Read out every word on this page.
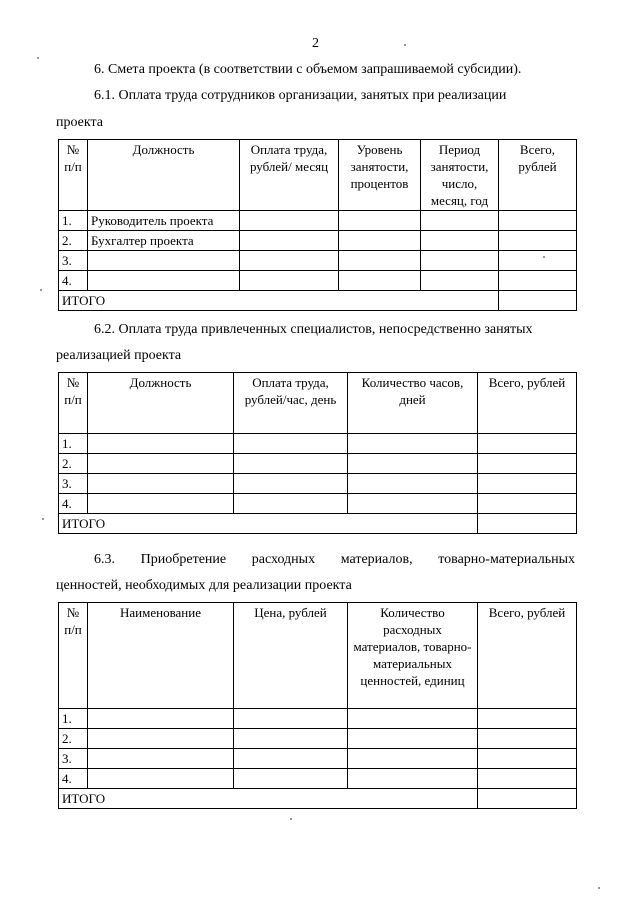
2
6. Смета проекта (в соответствии с объемом запрашиваемой субсидии).
6.1. Оплата труда сотрудников организации, занятых при реализации
проекта
№ п/п	Должность	Оплата труда, рублей/ месяц	Уровень занятости, процентов	Период занятости, число, месяц, год	Всего, рублей
1.	Руководитель проекта				
2.	Бухгалтер проекта				
3.					
4.					
ИТОГО					
6.2. Оплата труда привлеченных специалистов, непосредственно занятых
реализацией проекта
№ п/п	Должность	Оплата труда, рублей/час, день	Количество часов, дней	Всего, рублей
1.				
2.				
3.				
4.				
ИТОГО				
6.3. Приобретение расходных материалов, товарно-материальных
ценностей, необходимых для реализации проекта
№ п/п	Наименование	Цена, рублей	Количество расходных материалов, товарно-материальных ценностей, единиц	Всего, рублей
1.				
2.				
3.				
4.				
ИТОГО				
